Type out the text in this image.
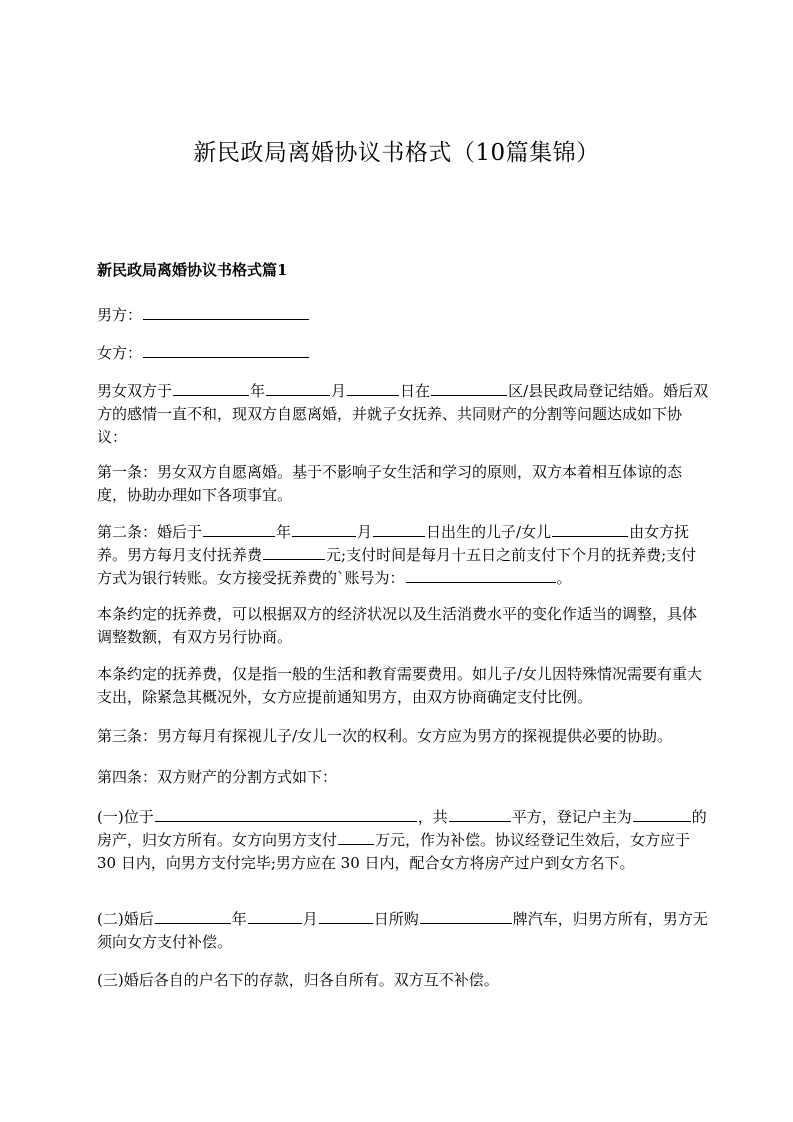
新民政局离婚协议书格式（10篇集锦）
新民政局离婚协议书格式篇1

男方：

女方：

男女双方于	年	月	日在	区/县民政局登记结婚。婚后双方的感情一直不和，现双方自愿离婚，并就子女抚养、共同财产的分割等问题达成如下协议：

第一条：男女双方自愿离婚。基于不影响子女生活和学习的原则，双方本着相互体谅的态度，协助办理如下各项事宜。

第二条：婚后于	年	月	日出生的儿子/女儿	由女方抚养。男方每月支付抚养费	元;支付时间是每月十五日之前支付下个月的抚养费;支付方式为银行转账。女方接受抚养费的`账号为：	。

本条约定的抚养费，可以根据双方的经济状况以及生活消费水平的变化作适当的调整，具体调整数额，有双方另行协商。

本条约定的抚养费，仅是指一般的生活和教育需要费用。如儿子/女儿因特殊情况需要有重大支出，除紧急其概况外，女方应提前通知男方，由双方协商确定支付比例。

第三条：男方每月有探视儿子/女儿一次的权利。女方应为男方的探视提供必要的协助。

第四条：双方财产的分割方式如下：

(一)位于	，共	平方，登记户主为	的房产，归女方所有。女方向男方支付	万元，作为补偿。协议经登记生效后，女方应于 30 日内，向男方支付完毕;男方应在 30 日内，配合女方将房产过户到女方名下。

(二)婚后	年	月	日所购	牌汽车，归男方所有，男方无须向女方支付补偿。

(三)婚后各自的户名下的存款，归各自所有。双方互不补偿。
